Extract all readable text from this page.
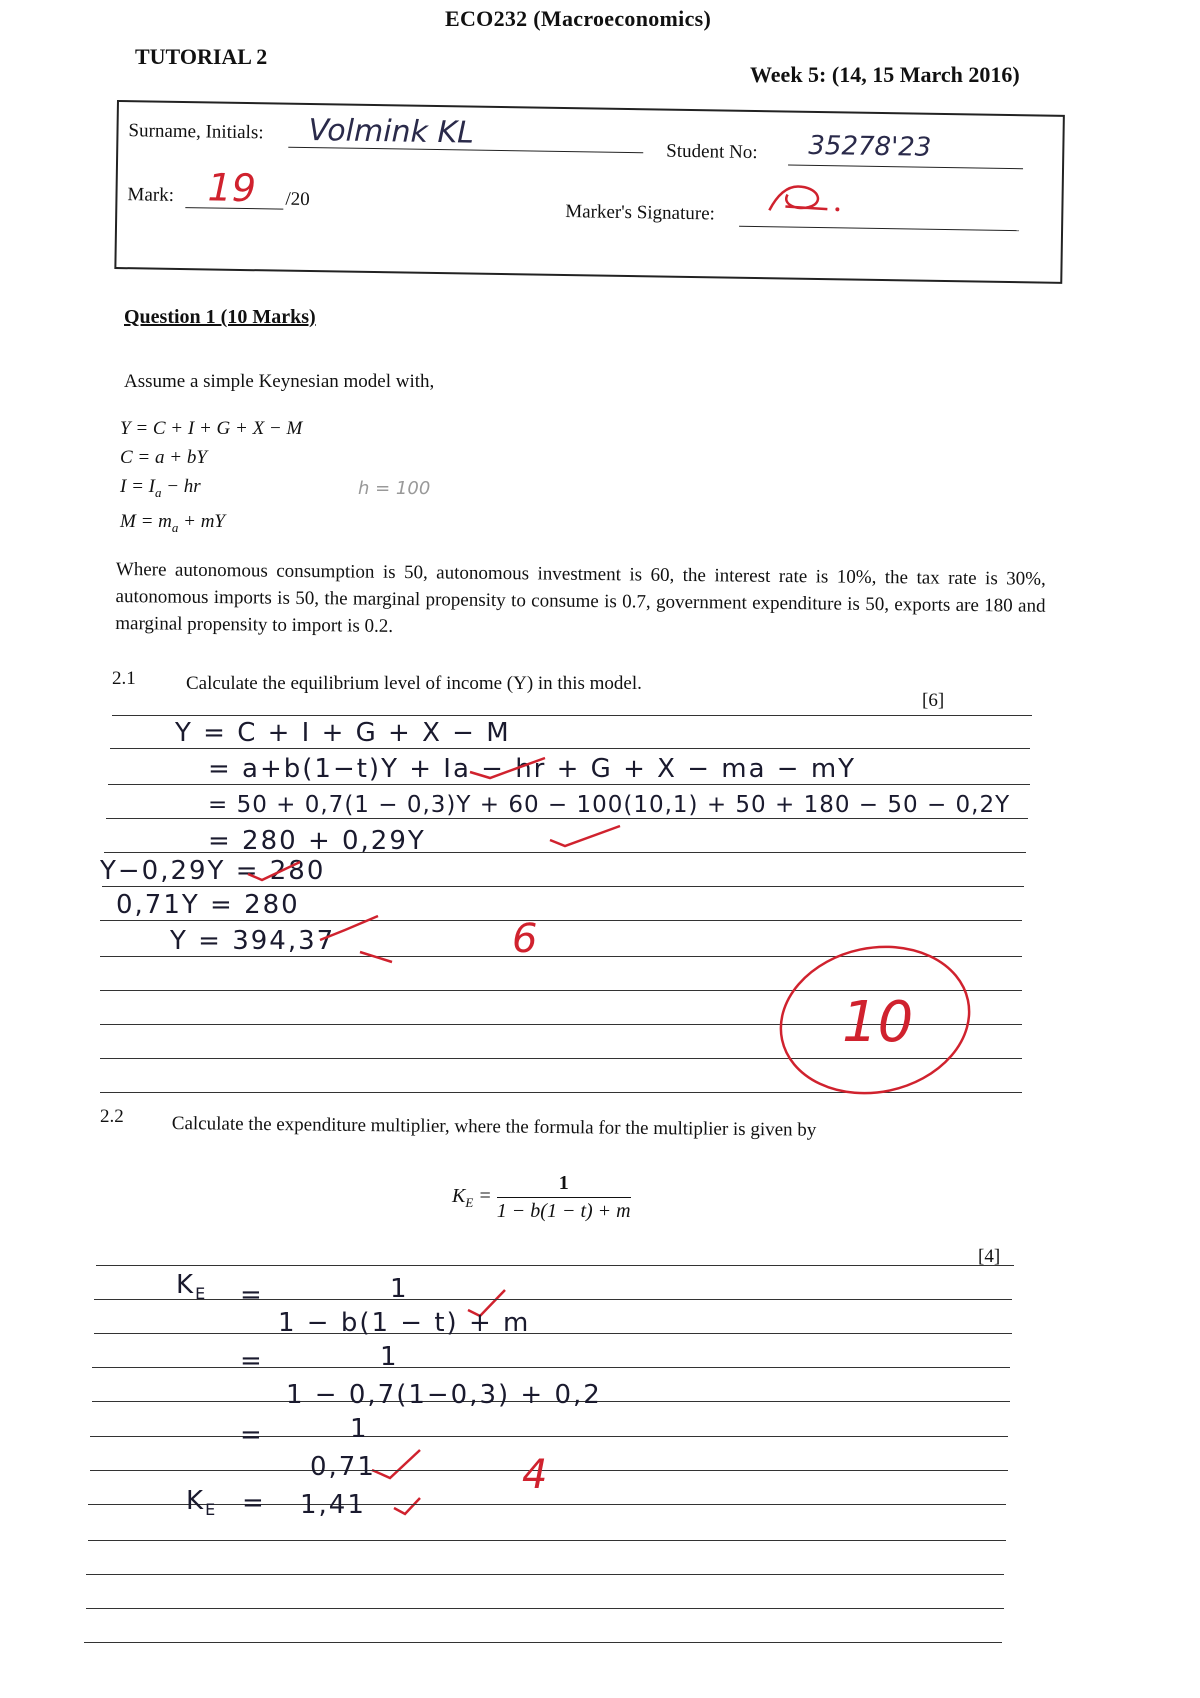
ECO232 (Macroeconomics)
TUTORIAL 2
Week 5: (14, 15 March 2016)
Surname, Initials: Volmink KL
Student No: 35278'23
Mark: 19 /20
Marker's Signature:
Question 1 (10 Marks)
Assume a simple Keynesian model with,
Y = C + I + G + X − M
C = a + bY
$I = I_a$ − hr
$M = m_a$ + mY
h = 100
Where autonomous consumption is 50, autonomous investment is 60, the interest rate is 10%, the tax rate is 30%, autonomous imports is 50, the marginal propensity to consume is 0.7, government expenditure is 50, exports are 180 and marginal propensity to import is 0.2.
2.1	Calculate the equilibrium level of income (Y) in this model.
[6]
Y = C + I + G + X − M
= a+b(1−t)Y + Ia − hr + G + X − ma − mY
= 50 + 0,7(1 − 0,3)Y + 60 − 100(10,1) + 50 + 180 − 50 − 0,2Y
= 280 + 0,29Y
Y−0,29Y = 280
0,71Y = 280
Y = 394,37	6
10
2.2	Calculate the expenditure multiplier, where the formula for the multiplier is given by
$K_E = \frac{1}{1 - b(1 - t) + m}$
[4]
$K_E$ =	1
1 − b(1 − t) + m
=	1
1 − 0,7(1−0,3) + 0,2
=	1
0,71
$K_E = 1,41$
4
